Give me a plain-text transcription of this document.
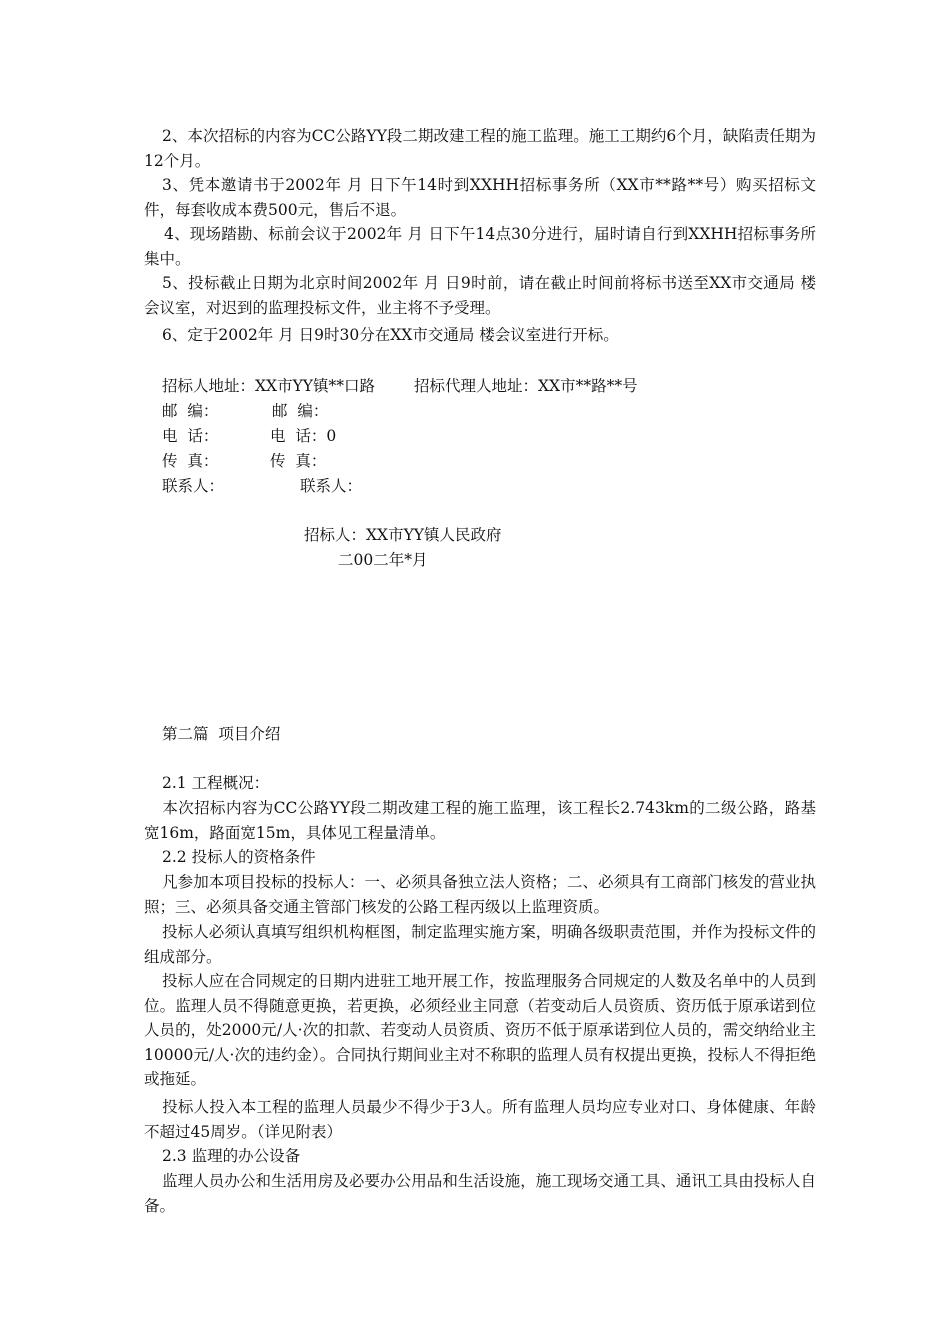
2、本次招标的内容为CC公路YY段二期改建工程的施工监理。施工工期约6个月，缺陷责任期为12个月。
3、凭本邀请书于2002年 月 日下午14时到XXHH招标事务所（XX市**路**号）购买招标文件，每套收成本费500元，售后不退。
4、现场踏勘、标前会议于2002年 月 日下午14点30分进行，届时请自行到XXHH招标事务所集中。
5、投标截止日期为北京时间2002年 月 日9时前，请在截止时间前将标书送至XX市交通局 楼会议室，对迟到的监理投标文件，业主将不予受理。
6、定于2002年 月 日9时30分在XX市交通局 楼会议室进行开标。
招标人地址：XX市YY镇**口路	招标代理人地址：XX市**路**号
邮  编：	邮  编：
电  话：	电  话：0
传  真：	传  真：
联系人：	联系人：
招标人：XX市YY镇人民政府
二00二年*月
第二篇  项目介绍
2.1 工程概况：
本次招标内容为CC公路YY段二期改建工程的施工监理，该工程长2.743km的二级公路，路基宽16m，路面宽15m，具体见工程量清单。
2.2 投标人的资格条件
凡参加本项目投标的投标人：一、必须具备独立法人资格；二、必须具有工商部门核发的营业执照；三、必须具备交通主管部门核发的公路工程丙级以上监理资质。
投标人必须认真填写组织机构框图，制定监理实施方案，明确各级职责范围，并作为投标文件的组成部分。
投标人应在合同规定的日期内进驻工地开展工作，按监理服务合同规定的人数及名单中的人员到位。监理人员不得随意更换，若更换，必须经业主同意（若变动后人员资质、资历低于原承诺到位人员的，处2000元/人·次的扣款、若变动人员资质、资历不低于原承诺到位人员的，需交纳给业主10000元/人·次的违约金）。合同执行期间业主对不称职的监理人员有权提出更换，投标人不得拒绝或拖延。
投标人投入本工程的监理人员最少不得少于3人。所有监理人员均应专业对口、身体健康、年龄不超过45周岁。（详见附表）
2.3 监理的办公设备
监理人员办公和生活用房及必要办公用品和生活设施，施工现场交通工具、通讯工具由投标人自备。
